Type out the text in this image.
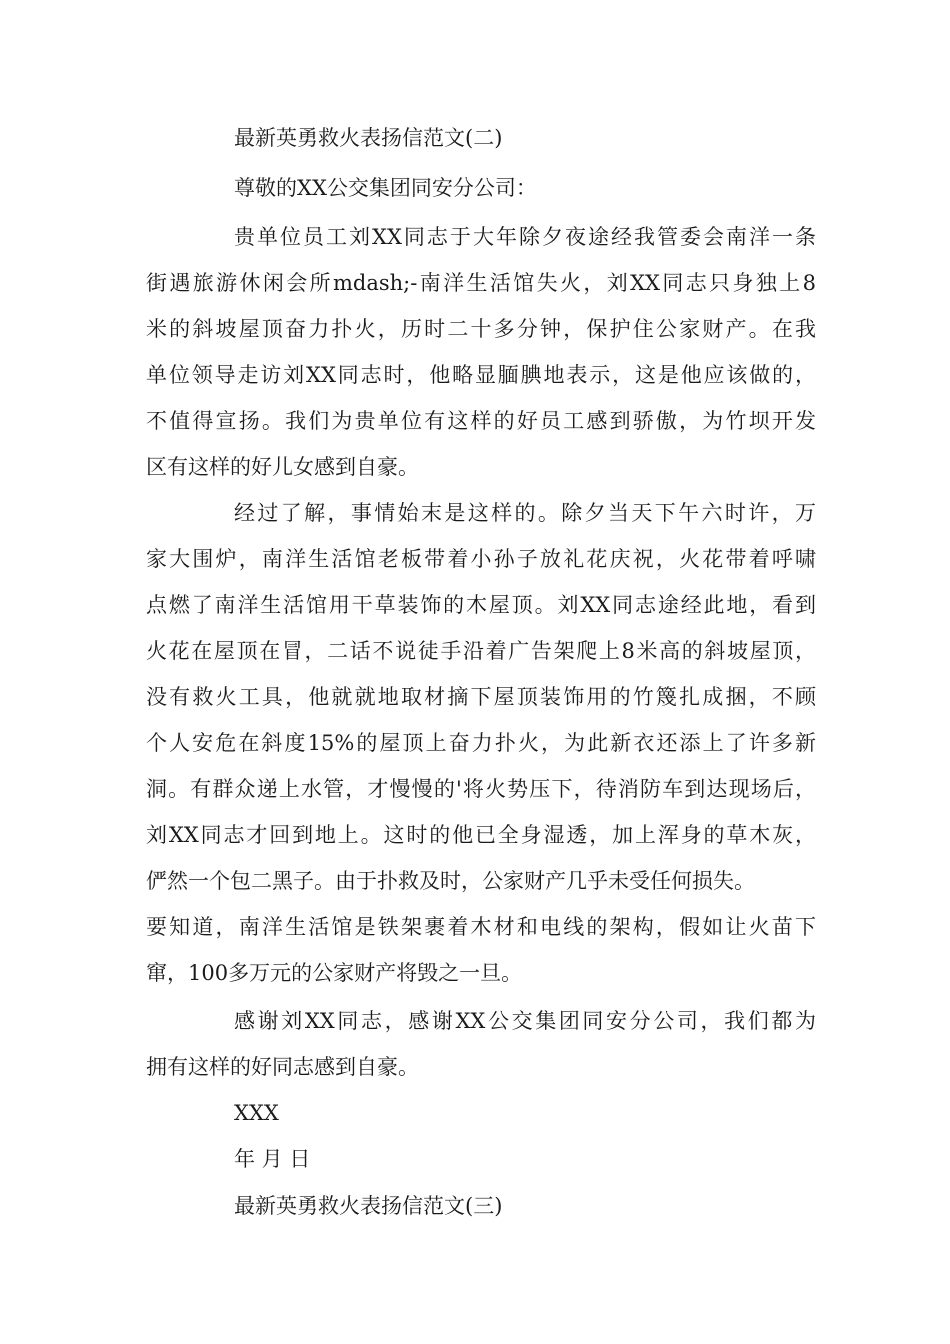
最新英勇救火表扬信范文(二)
尊敬的XX公交集团同安分公司：
贵单位员工刘XX同志于大年除夕夜途经我管委会南洋一条
街遇旅游休闲会所mdash;-南洋生活馆失火，刘XX同志只身独上8
米的斜坡屋顶奋力扑火，历时二十多分钟，保护住公家财产。在我
单位领导走访刘XX同志时，他略显腼腆地表示，这是他应该做的，
不值得宣扬。我们为贵单位有这样的好员工感到骄傲，为竹坝开发
区有这样的好儿女感到自豪。
经过了解，事情始末是这样的。除夕当天下午六时许，万
家大围炉，南洋生活馆老板带着小孙子放礼花庆祝，火花带着呼啸
点燃了南洋生活馆用干草装饰的木屋顶。刘XX同志途经此地，看到
火花在屋顶在冒，二话不说徒手沿着广告架爬上8米高的斜坡屋顶，
没有救火工具，他就就地取材摘下屋顶装饰用的竹篾扎成捆，不顾
个人安危在斜度15%的屋顶上奋力扑火，为此新衣还添上了许多新
洞。有群众递上水管，才慢慢的'将火势压下，待消防车到达现场后，
刘XX同志才回到地上。这时的他已全身湿透，加上浑身的草木灰，
俨然一个包二黑子。由于扑救及时，公家财产几乎未受任何损失。
要知道，南洋生活馆是铁架裹着木材和电线的架构，假如让火苗下
窜，100多万元的公家财产将毁之一旦。
感谢刘XX同志，感谢XX公交集团同安分公司，我们都为
拥有这样的好同志感到自豪。
XXX
年 月 日
最新英勇救火表扬信范文(三)
